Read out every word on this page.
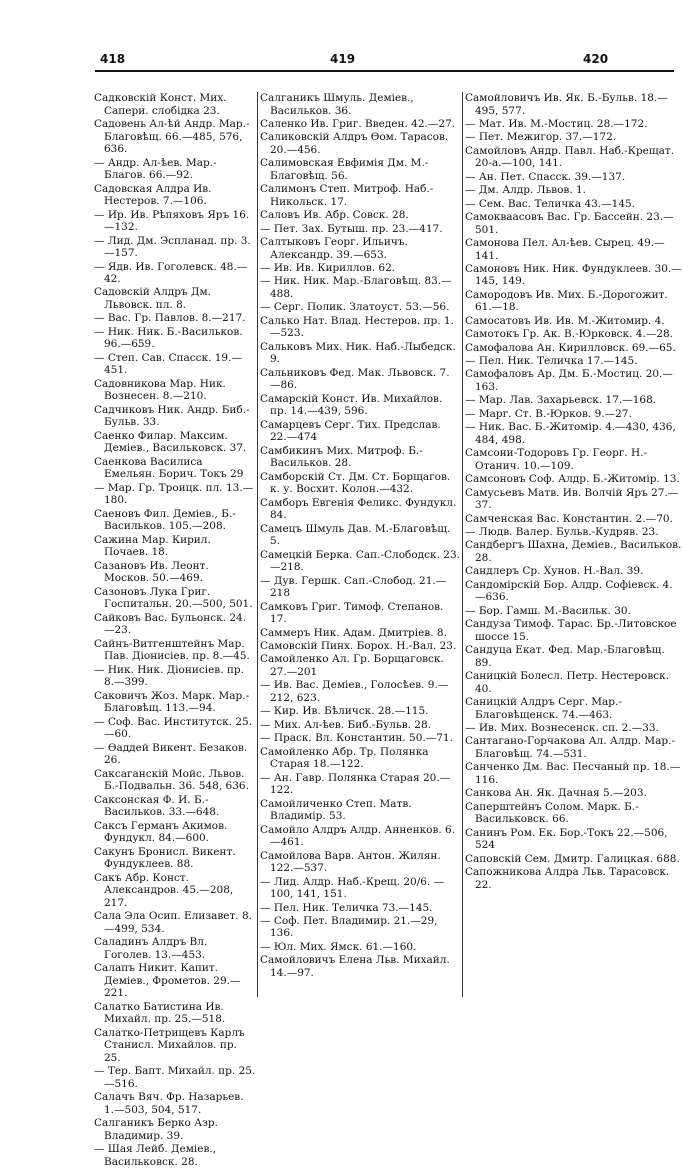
418	419	420
Садковскій Конст. Мих. Сапери. слобідка 23.
Садовень Ал-ѣй Андр. Мар.-Благовѣщ. 66.—485, 576, 636.
— Андр. Ал-ѣев. Мар.-Благов. 66.—92.
Садовская Алдра Ив. Нестеров. 7.—106.
— Ир. Ив. Рѣпяховъ Яръ 16.—132.
— Лид. Дм. Эспланад. пр. 3.—157.
— Ядв. Ив. Гоголевск. 48.—42.
Садовскій Алдръ Дм. Львовск. пл. 8.
— Вас. Гр. Павлов. 8.—217.
— Ник. Ник. Б.-Васильков. 96.—659.
— Степ. Сав. Спасск. 19.—451.
Садовникова Мар. Ник. Вознесен. 8.—210.
Садчиковъ Ник. Андр. Биб.-Бульв. 33.
Саенко Филар. Максим. Деміев., Васильковск. 37.
Саенкова Василиса Емельян. Борич. Токъ 29
— Мар. Гр. Троицк. пл. 13.—180.
Саеновъ Фил. Деміев., Б.-Васильков. 105.—208.
Сажина Мар. Кирил. Почаев. 18.
Сазановъ Ив. Леонт. Москов. 50.—469.
Сазоновъ Лука Григ. Госпитальн. 20.—500, 501.
Сайковъ Вас. Бульонск. 24.—23.
Сайнъ-Витгенштейнъ Мар. Пав. Діонисіев. пр. 8.—45.
— Ник. Ник. Діонисіев. пр. 8.—399.
Саковичъ Жоз. Марк. Мар.-Благовѣщ. 113.—94.
— Соф. Вас. Институтск. 25.—60.
— Өаддей Викент. Безаков. 26.
Саксаганскій Мойс. Львов. Б.-Подвальн. 36. 548, 636.
Саксонская Ф. И. Б.-Васильков. 33.—648.
Саксъ Германъ Акимов. Фундукл. 84.—600.
Сакунъ Бронисл. Викент. Фундуклеев. 88.
Сакъ Абр. Конст. Александров. 45.—208, 217.
Сала Эла Осип. Елизавет. 8.—499, 534.
Саладинъ Алдръ Вл. Гоголев. 13.—453.
Салапъ Никит. Капит. Деміев., Фрометов. 29.—221.
Салатко Батистина Ив. Михайл. пр. 25.—518.
Салатко-Петрищевъ Карлъ Станисл. Михайлов. пр. 25.
— Тер. Бапт. Михайл. пр. 25.—516.
Салачъ Вяч. Фр. Назарьев. 1.—503, 504, 517.
Салганикъ Берко Азр. Владимир. 39.
— Шая Лейб. Деміев., Васильковск. 28.
Салганикъ Шмуль. Деміев., Васильков. 36.
Саленко Ив. Григ. Введен. 42.—27.
Саликовскій Алдръ Өом. Тарасов. 20.—456.
Салимовская Евфимія Дм. М.-Благовѣщ. 56.
Салимонъ Степ. Митроф. Наб.-Никольск. 17.
Саловъ Ив. Абр. Совск. 28.
— Пет. Зах. Бутыш. пр. 23.—417.
Салтыковъ Георг. Ильичъ. Александр. 39.—653.
— Ив. Ив. Кириллов. 62.
— Ник. Ник. Мар.-Благовѣщ. 83.—488.
— Серг. Полик. Златоуст. 53.—56.
Салько Нат. Влад. Нестеров. пр. 1.—523.
Сальковъ Мих. Ник. Наб.-Лыбедск. 9.
Сальниковъ Фед. Мак. Львовск. 7.—86.
Самарскій Конст. Ив. Михайлов. пр. 14.—439, 596.
Самарцевъ Серг. Тих. Предслав. 22.—474
Самбикинъ Мих. Митроф. Б.-Васильков. 28.
Самборскій Ст. Дм. Ст. Борщагов. к. у. Восхит. Колон.—432.
Самборъ Евгенія Феликс. Фундукл. 84.
Самецъ Шмуль Дав. М.-Благовѣщ. 5.
Самецкій Берка. Сап.-Слободск. 23.—218.
— Дув. Гершк. Сап.-Слобод. 21.—218
Самковъ Григ. Тимоф. Степанов. 17.
Саммеръ Ник. Адам. Дмитріев. 8.
Самовскій Пинх. Борох. Н.-Вал. 23.
Самойленко Ал. Гр. Борщаговск. 27.—201
— Ив. Вас. Деміев., Голосѣев. 9.—212, 623.
— Кир. Ив. Бѣличск. 28.—115.
— Мих. Ал-ѣев. Биб.-Бульв. 28.
— Праск. Вл. Константин. 50.—71.
Самойленко Абр. Тр. Полянка Старая 18.—122.
— Ан. Гавр. Полянка Старая 20.—122.
Самойличенко Степ. Матв. Владимір. 53.
Самойло Алдръ Алдр. Анненков. 6.—461.
Самойлова Варв. Антон. Жилян. 122.—537.
— Лид. Алдр. Наб.-Крещ. 20/6. —100, 141, 151.
— Пел. Ник. Теличка 73.—145.
— Соф. Пет. Владимир. 21.—29, 136.
— Юл. Мих. Ямск. 61.—160.
Самойловичъ Елена Льв. Михайл. 14.—97.
Самойловичъ Ив. Як. Б.-Бульв. 18.—495, 577.
— Мат. Ив. М.-Мостиц. 28.—172.
— Пет. Межигор. 37.—172.
Самойловъ Андр. Павл. Наб.-Крещат. 20-а.—100, 141.
— Ан. Пет. Спасск. 39.—137.
— Дм. Алдр. Львов. 1.
— Сем. Вас. Теличка 43.—145.
Самокваасовъ Вас. Гр. Бассейн. 23.—501.
Самонова Пел. Ал-ѣев. Сырец. 49.—141.
Самоновъ Ник. Ник. Фундуклеев. 30.—145, 149.
Самородовъ Ив. Мих. Б.-Дорогожит. 61.—18.
Самосатовъ Ив. Ив. М.-Житомир. 4.
Самотокъ Гр. Ак. В.-Юрковск. 4.—28.
Самофалова Ан. Кирилловск. 69.—65.
— Пел. Ник. Теличка 17.—145.
Самофаловъ Ар. Дм. Б.-Мостиц. 20.—163.
— Мар. Лав. Захарьевск. 17.—168.
— Марг. Ст. В.-Юрков. 9.—27.
— Ник. Вас. Б.-Житомір. 4.—430, 436, 484, 498.
Самсони-Тодоровъ Гр. Георг. Н.-Отанич. 10.—109.
Самсоновъ Соф. Алдр. Б.-Житомір. 13.
Самусьевъ Матв. Ив. Волчій Яръ 27.—37.
Самченская Вас. Константин. 2.—70.
— Людв. Валер. Бульв.-Кудряв. 23.
Сандбергъ Шахна, Деміев., Васильков. 28.
Сандлеръ Ср. Хунов. Н.-Вал. 39.
Сандомірскій Бор. Алдр. Софіевск. 4.—636.
— Бор. Гамш. М.-Васильк. 30.
Сандуза Тимоф. Тарас. Бр.-Литовское шоссе 15.
Сандуца Екат. Фед. Мар.-Благовѣщ. 89.
Саницкій Болесл. Петр. Нестеровск. 40.
Саницкій Алдръ Серг. Мар.-Благовѣщенск. 74.—463.
— Ив. Мих. Вознесенск. сп. 2.—33.
Сантагано-Горчакова Ал. Алдр. Мар.-Благовѣщ. 74.—531.
Санченко Дм. Вас. Песчаный пр. 18.—116.
Санкова Ан. Як. Дачная 5.—203.
Саперштейнъ Солом. Марк. Б.-Васильковск. 66.
Санинъ Ром. Ек. Бор.-Токъ 22.—506, 524
Саповскій Сем. Дмитр. Галицкая. 688.
Сапожникова Алдра Льв. Тарасовск. 22.
